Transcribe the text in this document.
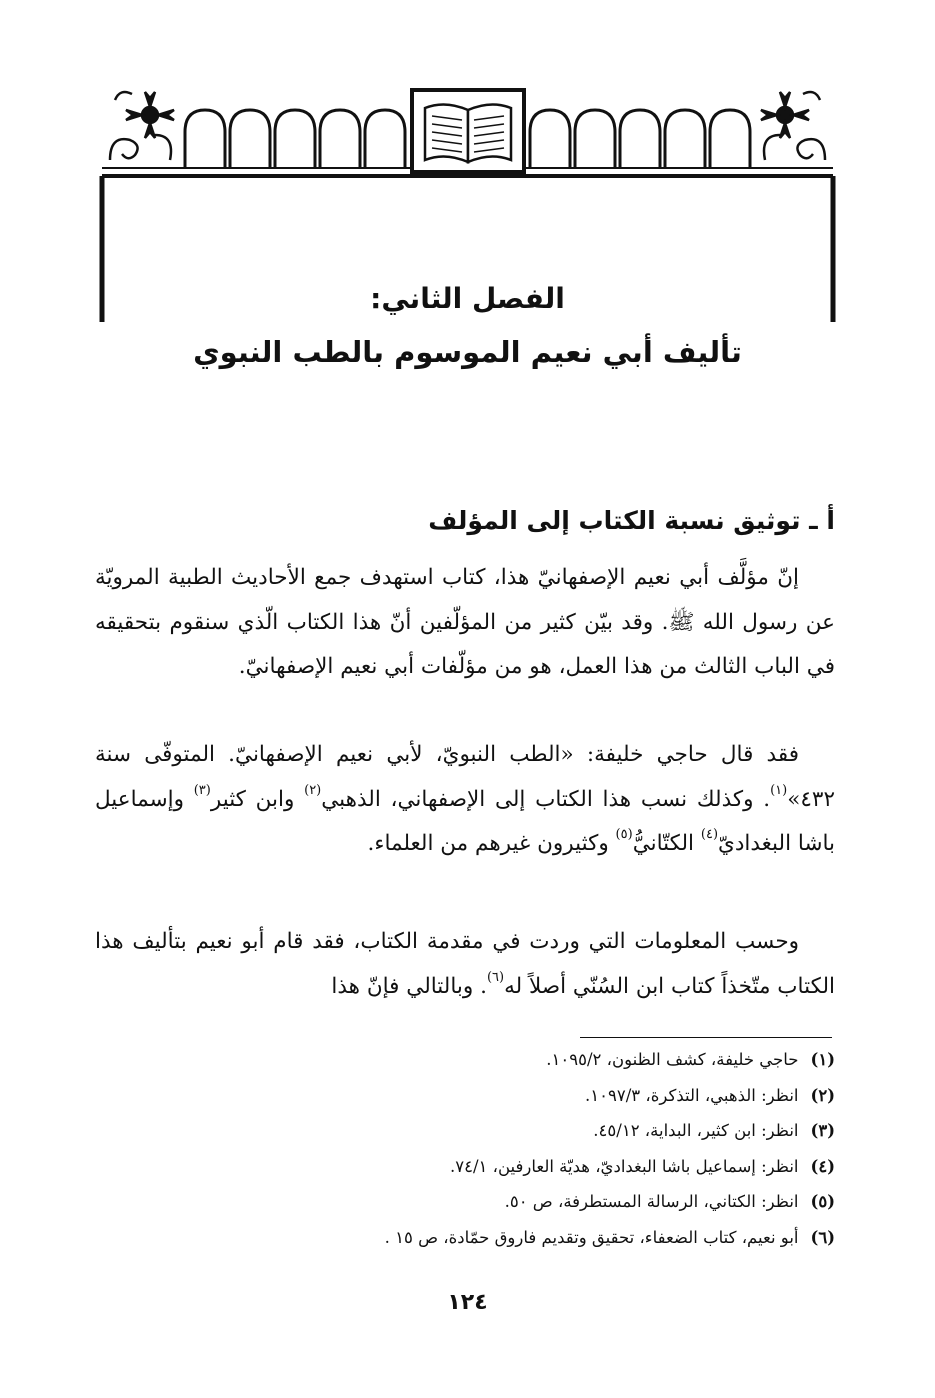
الفصل الثاني:
تأليف أبي نعيم الموسوم بالطب النبوي
أ ـ توثيق نسبة الكتاب إلى المؤلف

إنّ مؤلَّف أبي نعيم الإصفهانيّ هذا، كتاب استهدف جمع الأحاديث الطبية المرويّة عن رسول الله ﷺ. وقد بيّن كثير من المؤلّفين أنّ هذا الكتاب الّذي سنقوم بتحقيقه في الباب الثالث من هذا العمل، هو من مؤلّفات أبي نعيم الإصفهانيّ.

فقد قال حاجي خليفة: «الطب النبويّ، لأبي نعيم الإصفهانيّ. المتوفّى سنة ٤٣٢»$^{(١)}$. وكذلك نسب هذا الكتاب إلى الإصفهاني، الذهبي$^{(٢)}$ وابن كثير$^{(٣)}$ وإسماعيل باشا البغداديّ$^{(٤)}$ الكتّانيُّ$^{(٥)}$ وكثيرون غيرهم من العلماء.

وحسب المعلومات التي وردت في مقدمة الكتاب، فقد قام أبو نعيم بتأليف هذا الكتاب متّخذاً كتاب ابن السُنّي أصلاً له$^{(٦)}$. وبالتالي فإنّ هذا

(١)حاجي خليفة، كشف الظنون، ١٠٩٥/٢.
(٢)انظر: الذهبي، التذكرة، ١٠٩٧/٣.
(٣)انظر: ابن كثير، البداية، ٤٥/١٢.
(٤)انظر: إسماعيل باشا البغداديّ، هديّة العارفين، ٧٤/١.
(٥)انظر: الكتاني، الرسالة المستطرفة، ص ٥٠.
(٦)أبو نعيم، كتاب الضعفاء، تحقيق وتقديم فاروق حمّادة، ص ١٥ .
١٢٤
